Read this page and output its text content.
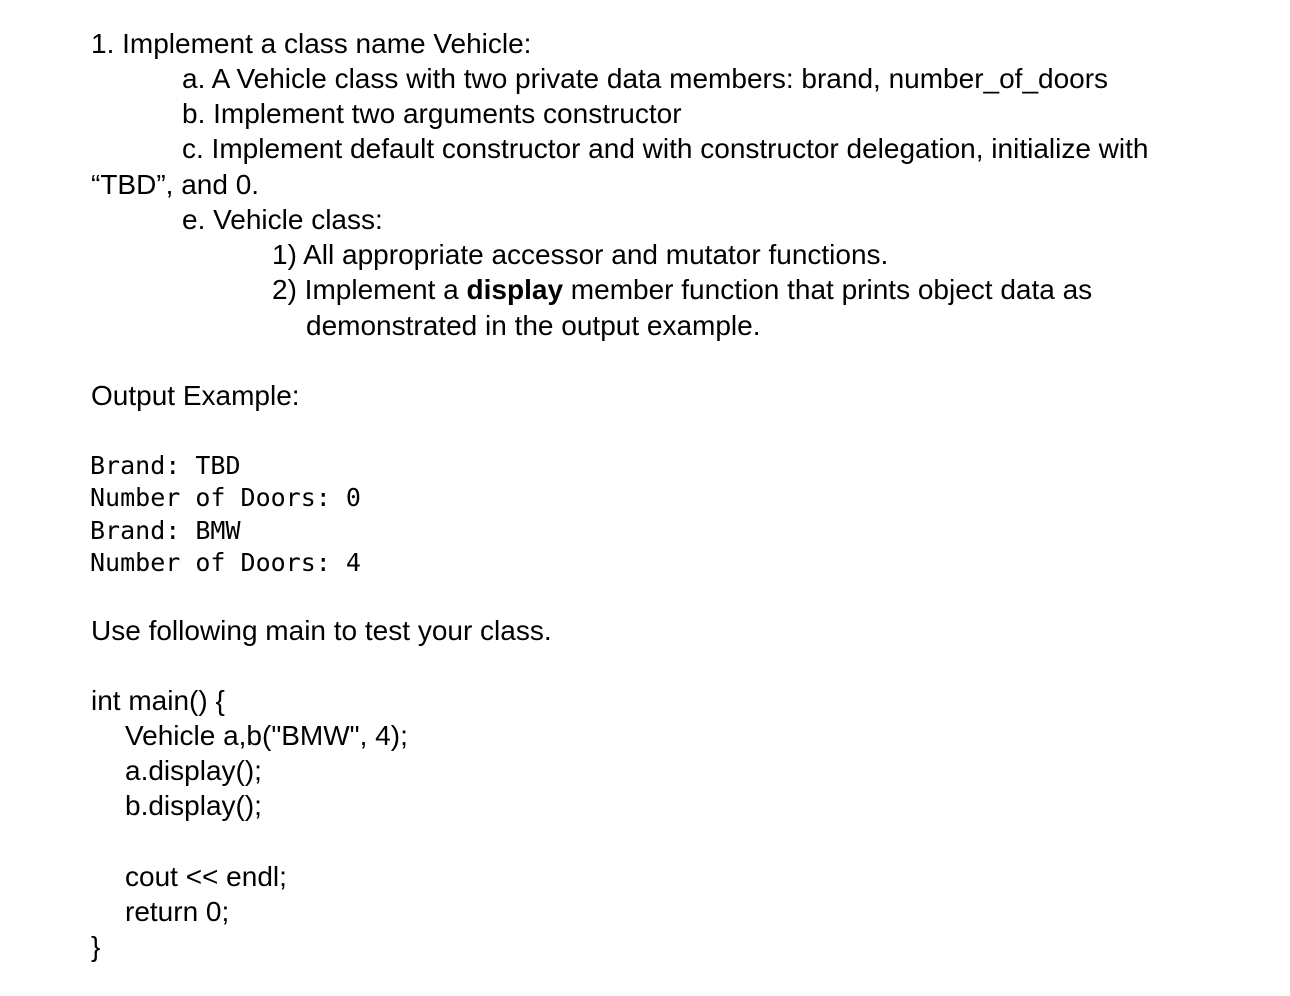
1. Implement a class name Vehicle:
a. A Vehicle class with two private data members: brand, number_of_doors
b. Implement two arguments constructor
c. Implement default constructor and with constructor delegation, initialize with
“TBD”, and 0.
e. Vehicle class:
1) All appropriate accessor and mutator functions.
2) Implement a display member function that prints object data as
demonstrated in the output example.
Output Example:
Brand: TBD
Number of Doors: 0
Brand: BMW
Number of Doors: 4
Use following main to test your class.
int main() {
Vehicle a,b("BMW", 4);
a.display();
b.display();
cout << endl;
return 0;
}
